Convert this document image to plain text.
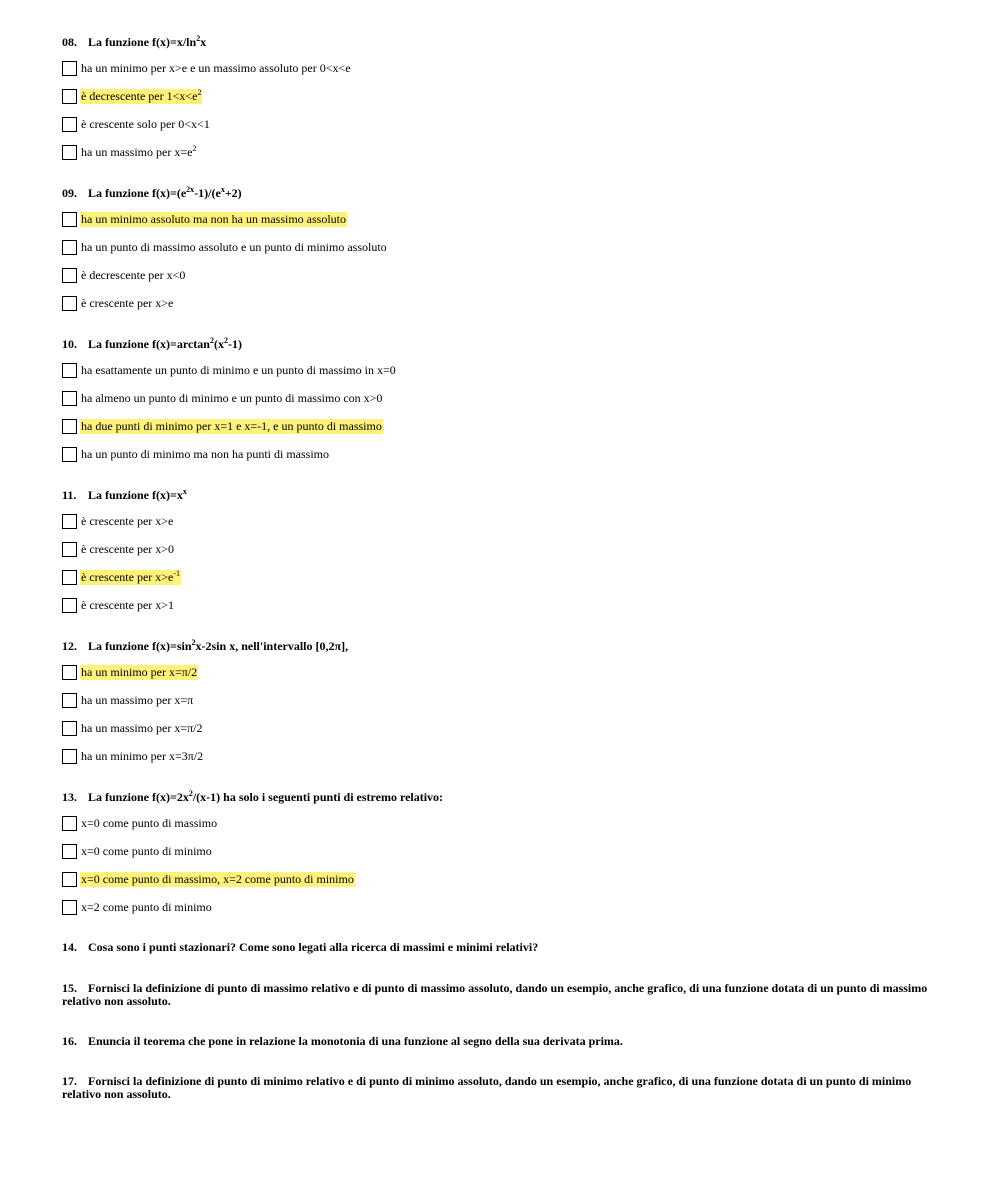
08. La funzione $f(x)=x/\ln^2x$
ha un minimo per x>e e un massimo assoluto per 0<x<e
è decrescente per $1<x<e^2$
è crescente solo per 0<x<1
ha un massimo per $x=e^2$
09. La funzione $f(x)=(e^{2x}-1)/(e^x+2)$
ha un minimo assoluto ma non ha un massimo assoluto
ha un punto di massimo assoluto e un punto di minimo assoluto
è decrescente per x<0
è crescente per x>e
10. La funzione $f(x)=\arctan^2(x^2-1)$
ha esattamente un punto di minimo e un punto di massimo in x=0
ha almeno un punto di minimo e un punto di massimo con x>0
ha due punti di minimo per x=1 e x=-1, e un punto di massimo
ha un punto di minimo ma non ha punti di massimo
11. La funzione $f(x)=x^x$
è crescente per x>e
è crescente per x>0
è crescente per $x>e^{-1}$
è crescente per x>1
12. La funzione $f(x)=\sin^2x-2\sin$ x, nell'intervallo [0,2π],
ha un minimo per x=π/2
ha un massimo per x=π
ha un massimo per x=π/2
ha un minimo per x=3π/2
13. La funzione $f(x)=2x^2/(x-1)$ ha solo i seguenti punti di estremo relativo:
x=0 come punto di massimo
x=0 come punto di minimo
x=0 come punto di massimo, x=2 come punto di minimo
x=2 come punto di minimo
14. Cosa sono i punti stazionari? Come sono legati alla ricerca di massimi e minimi relativi?
15. Fornisci la definizione di punto di massimo relativo e di punto di massimo assoluto, dando un esempio, anche grafico, di una funzione dotata di un punto di massimo relativo non assoluto.
16. Enuncia il teorema che pone in relazione la monotonia di una funzione al segno della sua derivata prima.
17. Fornisci la definizione di punto di minimo relativo e di punto di minimo assoluto, dando un esempio, anche grafico, di una funzione dotata di un punto di minimo relativo non assoluto.
